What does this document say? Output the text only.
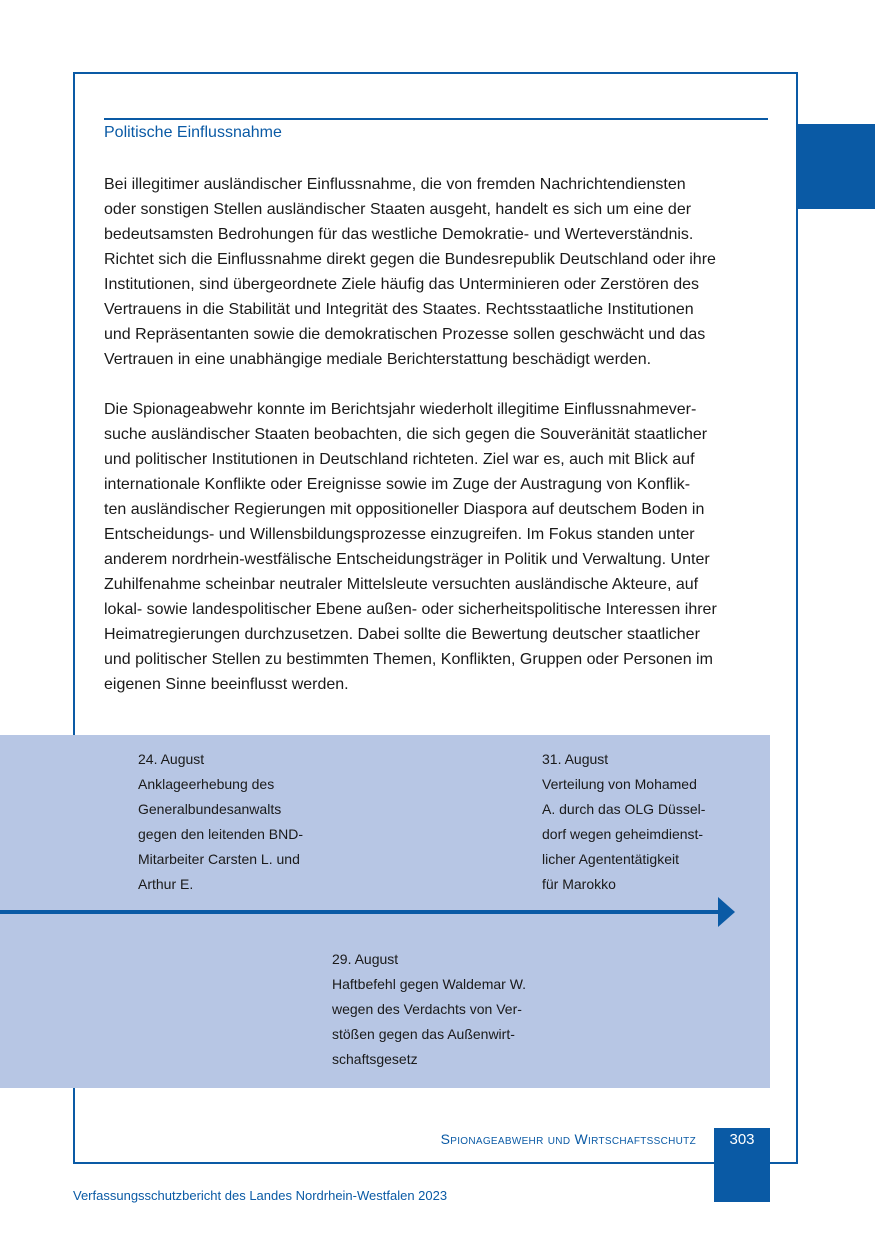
Politische Einflussnahme
Bei illegitimer ausländischer Einflussnahme, die von fremden Nachrichtendiensten
oder sonstigen Stellen ausländischer Staaten ausgeht, handelt es sich um eine der
bedeutsamsten Bedrohungen für das westliche Demokratie- und Werteverständnis.
Richtet sich die Einflussnahme direkt gegen die Bundesrepublik Deutschland oder ihre
Institutionen, sind übergeordnete Ziele häufig das Unterminieren oder Zerstören des
Vertrauens in die Stabilität und Integrität des Staates. Rechtsstaatliche Institutionen
und Repräsentanten sowie die demokratischen Prozesse sollen geschwächt und das
Vertrauen in eine unabhängige mediale Berichterstattung beschädigt werden.
Die Spionageabwehr konnte im Berichtsjahr wiederholt illegitime Einflussnahmever-
suche ausländischer Staaten beobachten, die sich gegen die Souveränität staatlicher
und politischer Institutionen in Deutschland richteten. Ziel war es, auch mit Blick auf
internationale Konflikte oder Ereignisse sowie im Zuge der Austragung von Konflik-
ten ausländischer Regierungen mit oppositioneller Diaspora auf deutschem Boden in
Entscheidungs- und Willensbildungsprozesse einzugreifen. Im Fokus standen unter
anderem nordrhein-westfälische Entscheidungsträger in Politik und Verwaltung. Unter
Zuhilfenahme scheinbar neutraler Mittelsleute versuchten ausländische Akteure, auf
lokal- sowie landespolitischer Ebene außen- oder sicherheitspolitische Interessen ihrer
Heimatregierungen durchzusetzen. Dabei sollte die Bewertung deutscher staatlicher
und politischer Stellen zu bestimmten Themen, Konflikten, Gruppen oder Personen im
eigenen Sinne beeinflusst werden.
24. August
Anklageerhebung des
Generalbundesanwalts
gegen den leitenden BND-
Mitarbeiter Carsten L. und
Arthur E.
31. August
Verteilung von Mohamed
A. durch das OLG Düssel-
dorf wegen geheimdienst-
licher Agententätigkeit
für Marokko
29. August
Haftbefehl gegen Waldemar W.
wegen des Verdachts von Ver-
stößen gegen das Außenwirt-
schaftsgesetz
Spionageabwehr und Wirtschaftsschutz	303
Verfassungsschutzbericht des Landes Nordrhein-Westfalen 2023
